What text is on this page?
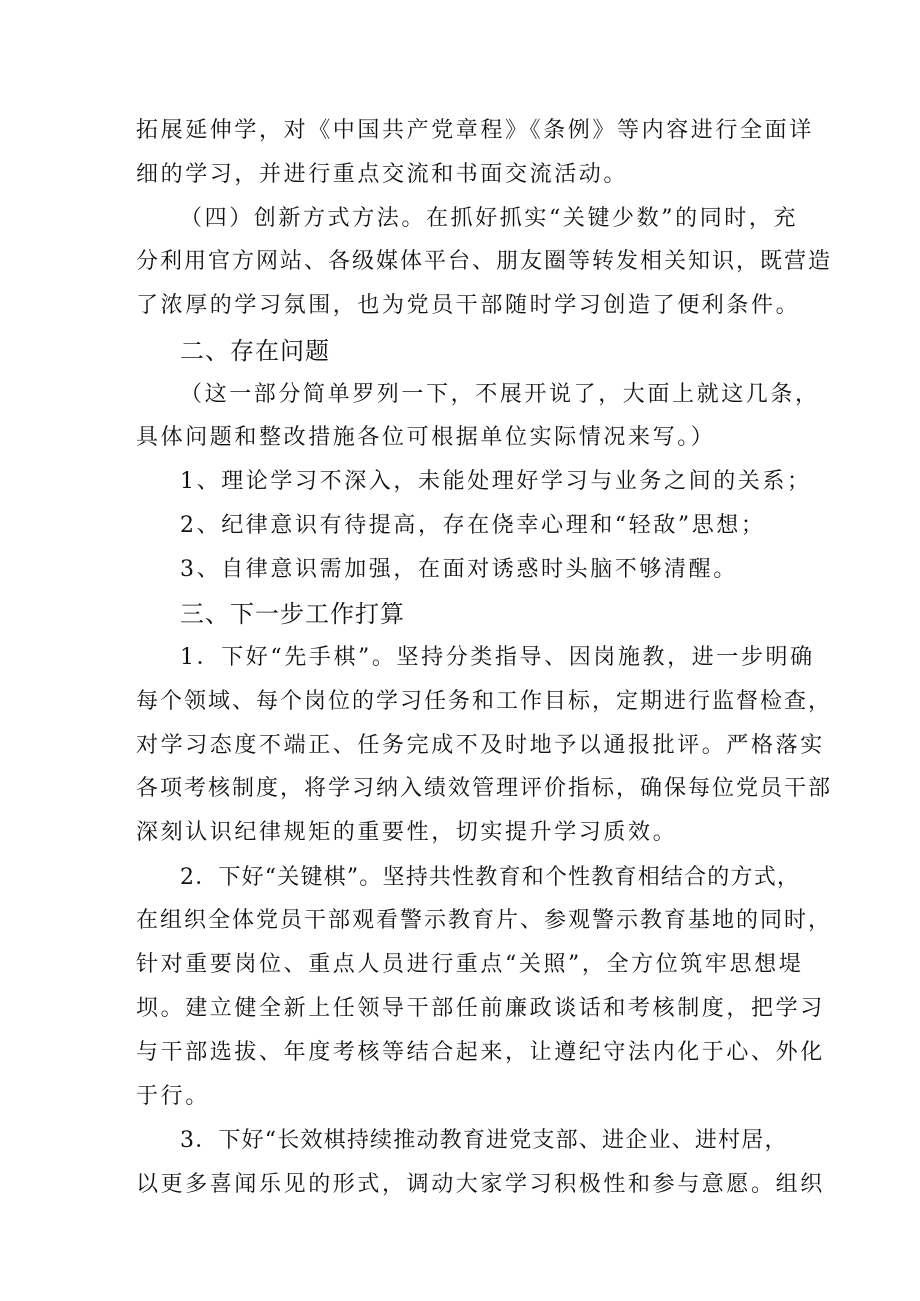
拓展延伸学，对《中国共产党章程》《条例》等内容进行全面详
细的学习，并进行重点交流和书面交流活动。
（四）创新方式方法。在抓好抓实“关键少数”的同时，充
分利用官方网站、各级媒体平台、朋友圈等转发相关知识，既营造
了浓厚的学习氛围，也为党员干部随时学习创造了便利条件。
二、存在问题
（这一部分简单罗列一下，不展开说了，大面上就这几条，
具体问题和整改措施各位可根据单位实际情况来写。）
1、理论学习不深入，未能处理好学习与业务之间的关系；
2、纪律意识有待提高，存在侥幸心理和“轻敌”思想；
3、自律意识需加强，在面对诱惑时头脑不够清醒。
三、下一步工作打算
1．下好“先手棋”。坚持分类指导、因岗施教，进一步明确
每个领域、每个岗位的学习任务和工作目标，定期进行监督检查，
对学习态度不端正、任务完成不及时地予以通报批评。严格落实
各项考核制度，将学习纳入绩效管理评价指标，确保每位党员干部
深刻认识纪律规矩的重要性，切实提升学习质效。
2．下好“关键棋”。坚持共性教育和个性教育相结合的方式，
在组织全体党员干部观看警示教育片、参观警示教育基地的同时，
针对重要岗位、重点人员进行重点“关照”，全方位筑牢思想堤
坝。建立健全新上任领导干部任前廉政谈话和考核制度，把学习
与干部选拔、年度考核等结合起来，让遵纪守法内化于心、外化
于行。
3．下好“长效棋持续推动教育进党支部、进企业、进村居，
以更多喜闻乐见的形式，调动大家学习积极性和参与意愿。组织
